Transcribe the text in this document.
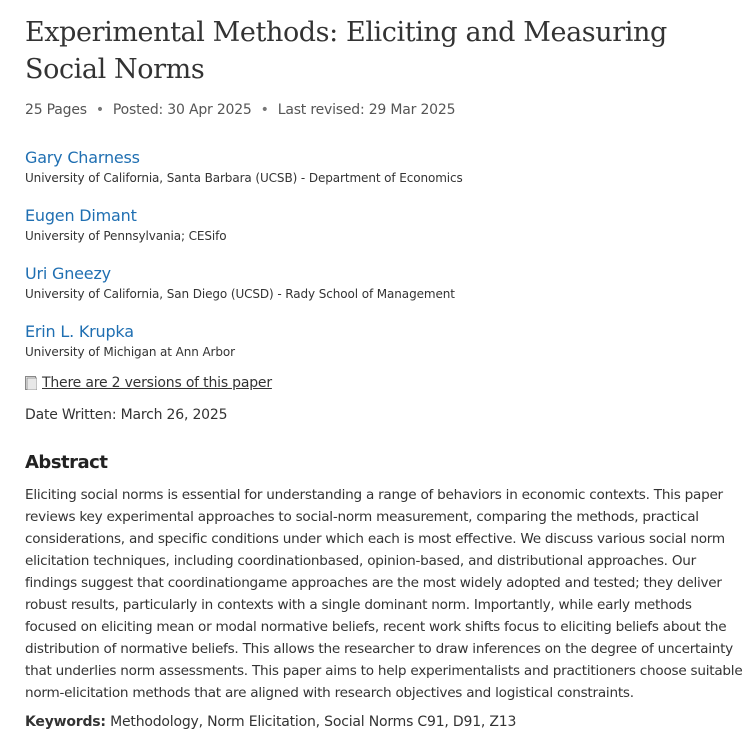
Experimental Methods: Eliciting and Measuring Social Norms
25 Pages • Posted: 30 Apr 2025 • Last revised: 29 Mar 2025
Gary Charness
University of California, Santa Barbara (UCSB) - Department of Economics
Eugen Dimant
University of Pennsylvania; CESifo
Uri Gneezy
University of California, San Diego (UCSD) - Rady School of Management
Erin L. Krupka
University of Michigan at Ann Arbor
There are 2 versions of this paper
Date Written: March 26, 2025
Abstract

Eliciting social norms is essential for understanding a range of behaviors in economic contexts. This paper reviews key experimental approaches to social-norm measurement, comparing the methods, practical considerations, and specific conditions under which each is most effective. We discuss various social norm elicitation techniques, including coordinationbased, opinion-based, and distributional approaches. Our findings suggest that coordinationgame approaches are the most widely adopted and tested; they deliver robust results, particularly in contexts with a single dominant norm. Importantly, while early methods focused on eliciting mean or modal normative beliefs, recent work shifts focus to eliciting beliefs about the distribution of normative beliefs. This allows the researcher to draw inferences on the degree of uncertainty that underlies norm assessments. This paper aims to help experimentalists and practitioners choose suitable norm-elicitation methods that are aligned with research objectives and logistical constraints.

Keywords: Methodology, Norm Elicitation, Social Norms C91, D91, Z13
